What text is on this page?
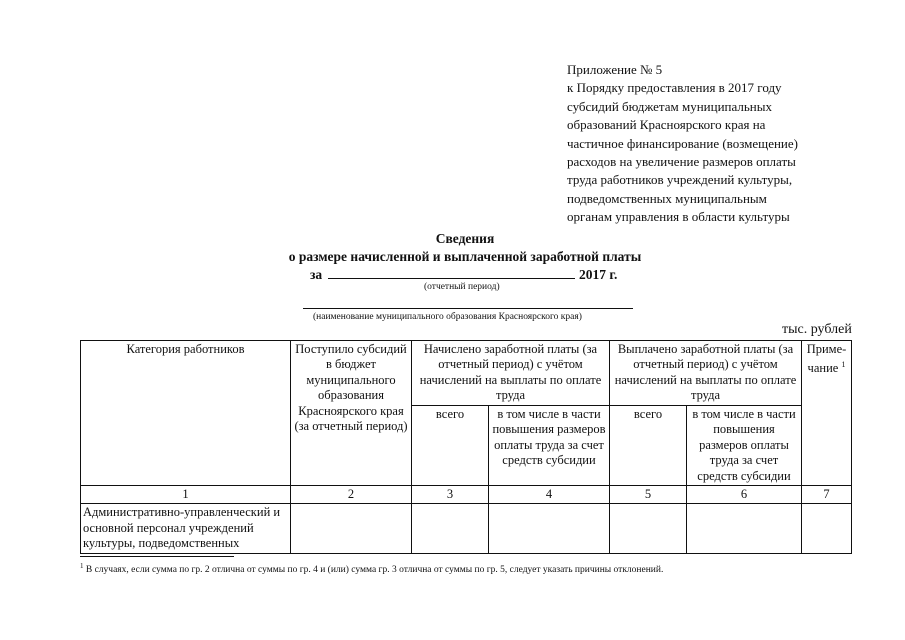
Приложение № 5
к Порядку предоставления в 2017 году
субсидий бюджетам муниципальных
образований Красноярского края на
частичное финансирование (возмещение)
расходов на увеличение размеров оплаты
труда работников учреждений культуры,
подведомственных муниципальным
органам управления в области культуры
Сведения
о размере начисленной и выплаченной заработной платы
за	2017 г.
(отчетный период)
(наименование муниципального образования Красноярского края)
тыс. рублей
Категория работников	Поступило субсидий в бюджет муниципального образования Красноярского края (за отчетный период)	Начислено заработной платы (за отчетный период) с учётом начислений на выплаты по оплате труда		Выплачено заработной платы (за отчетный период) с учётом начислений на выплаты по оплате труда		Приме-чание $^1$
		всего	в том числе в части повышения размеров оплаты труда за счет средств субсидии	всего	в том числе в части повышения размеров оплаты труда за счет средств субсидии	
1	2	3	4	5	6	7
Административно-управленческий и основной персонал учреждений культуры, подведомственных						
$^1$ В случаях, если сумма по гр. 2 отлична от суммы по гр. 4 и (или) сумма гр. 3 отлична от суммы по гр. 5, следует указать причины отклонений.
